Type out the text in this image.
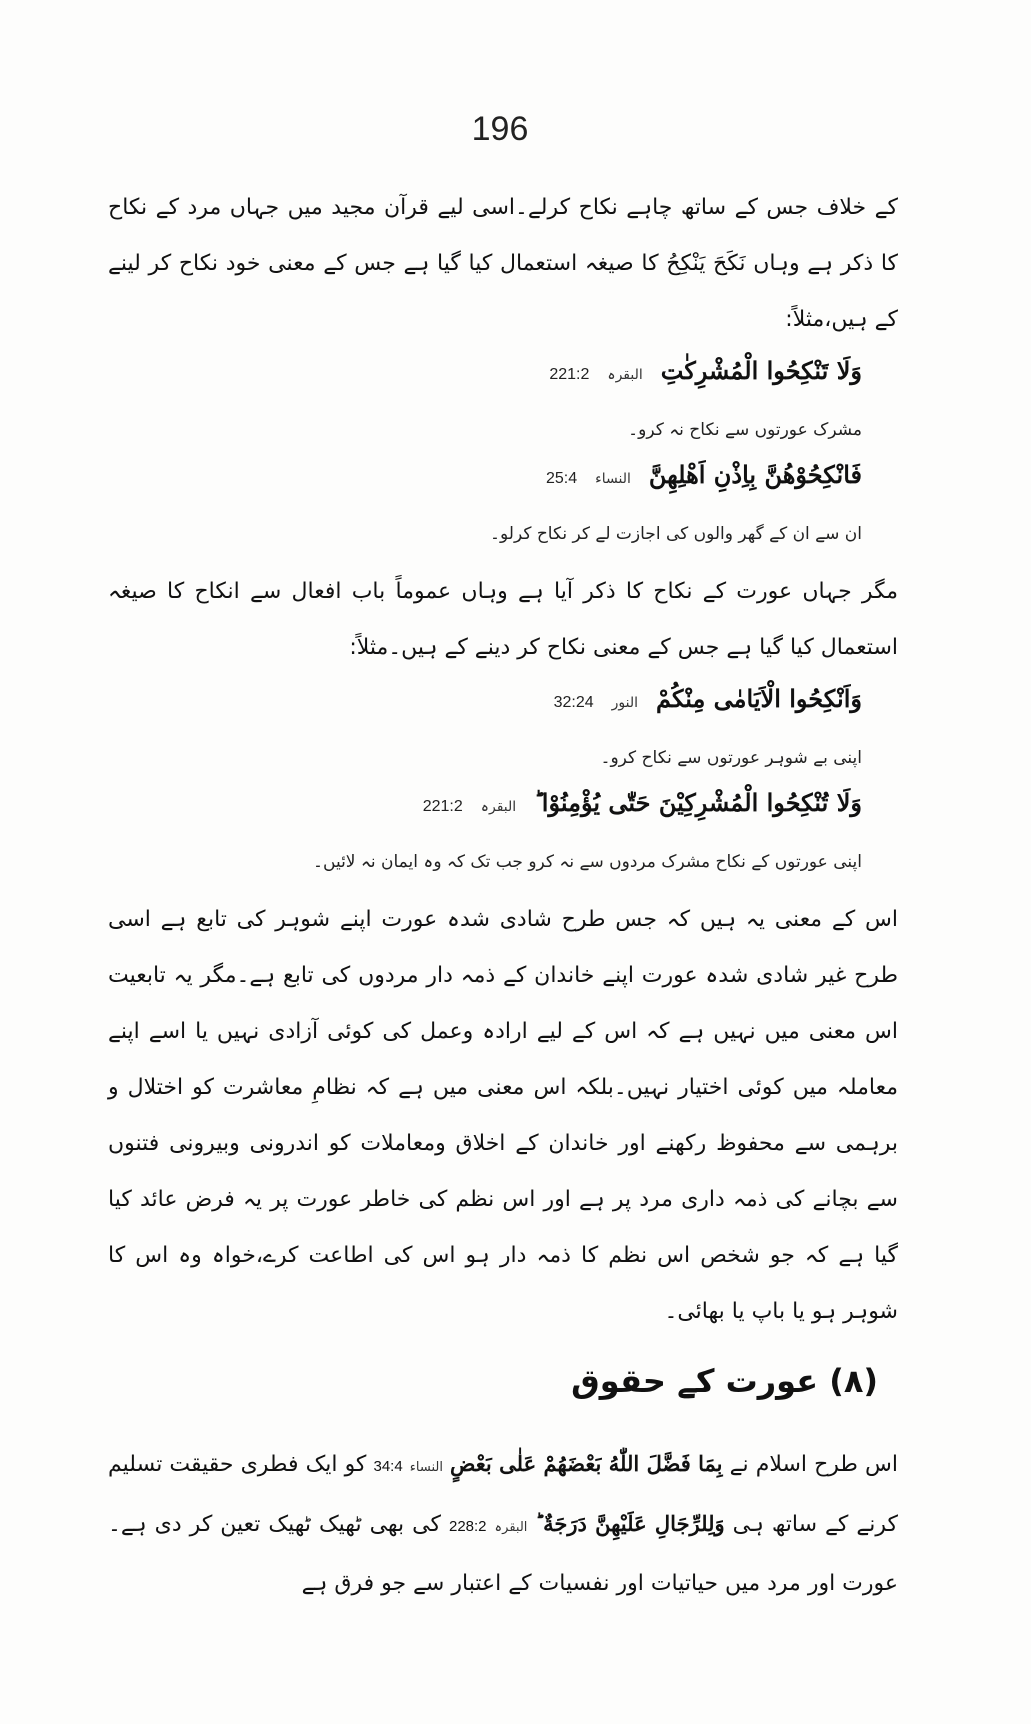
196

کے خلاف جس کے ساتھ چاہے نکاح کرلے۔اسی لیے قرآن مجید میں جہاں مرد کے نکاح کا ذکر ہے وہاں نَکَحَ یَنْکِحُ کا صیغہ استعمال کیا گیا ہے جس کے معنی خود نکاح کر لینے کے ہیں،مثلاً:

وَلَا تَنْكِحُوا الْمُشْرِكٰتِ
البقرہ
221:2
مشرک عورتوں سے نکاح نہ کرو۔
فَانْكِحُوْهُنَّ بِاِذْنِ اَهْلِهِنَّ
النساء
25:4
ان سے ان کے گھر والوں کی اجازت لے کر نکاح کرلو۔

مگر جہاں عورت کے نکاح کا ذکر آیا ہے وہاں عموماً باب افعال سے انکاح کا صیغہ استعمال کیا گیا ہے جس کے معنی نکاح کر دینے کے ہیں۔مثلاً:

وَاَنْكِحُوا الْاَيَامٰى مِنْكُمْ
النور
32:24
اپنی بے شوہر عورتوں سے نکاح کرو۔
وَلَا تُنْكِحُوا الْمُشْرِكِيْنَ حَتّٰى يُؤْمِنُوْا ؕ
البقرہ
221:2
اپنی عورتوں کے نکاح مشرک مردوں سے نہ کرو جب تک کہ وہ ایمان نہ لائیں۔

اس کے معنی یہ ہیں کہ جس طرح شادی شدہ عورت اپنے شوہر کی تابع ہے اسی طرح غیر شادی شدہ عورت اپنے خاندان کے ذمہ دار مردوں کی تابع ہے۔مگر یہ تابعیت اس معنی میں نہیں ہے کہ اس کے لیے ارادہ وعمل کی کوئی آزادی نہیں یا اسے اپنے معاملہ میں کوئی اختیار نہیں۔بلکہ اس معنی میں ہے کہ نظامِ معاشرت کو اختلال و برہمی سے محفوظ رکھنے اور خاندان کے اخلاق ومعاملات کو اندرونی وبیرونی فتنوں سے بچانے کی ذمہ داری مرد پر ہے اور اس نظم کی خاطر عورت پر یہ فرض عائد کیا گیا ہے کہ جو شخص اس نظم کا ذمہ دار ہو اس کی اطاعت کرے،خواہ وہ اس کا شوہر ہو یا باپ یا بھائی۔

(۸) عورت کے حقوق

اس طرح اسلام نے بِمَا فَضَّلَ اللّٰهُ بَعْضَهُمْ عَلٰى بَعْضٍ النساء 34:4 کو ایک فطری حقیقت تسلیم کرنے کے ساتھ ہی وَلِلرِّجَالِ عَلَيْهِنَّ دَرَجَةٌ ؕ البقرہ 228:2 کی بھی ٹھیک ٹھیک تعین کر دی ہے۔عورت اور مرد میں حیاتیات اور نفسیات کے اعتبار سے جو فرق ہے
